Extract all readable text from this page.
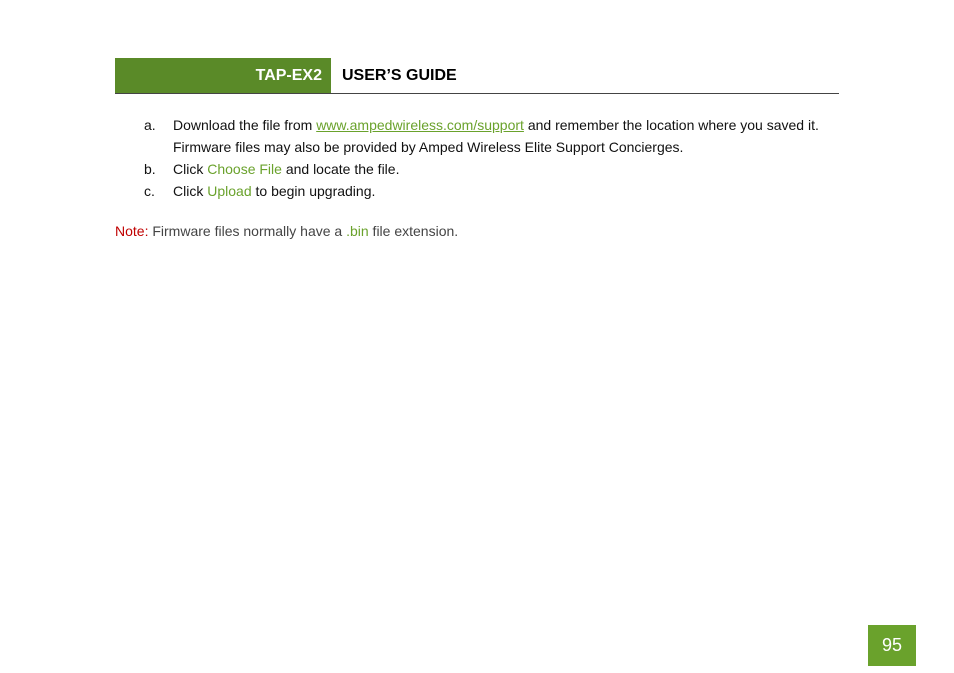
TAP-EX2 USER’S GUIDE
a.	Download the file from www.ampedwireless.com/support and remember the location where you saved it. Firmware files may also be provided by Amped Wireless Elite Support Concierges.
b.	Click Choose File and locate the file.
c.	Click Upload to begin upgrading.
Note: Firmware files normally have a .bin file extension.
95
